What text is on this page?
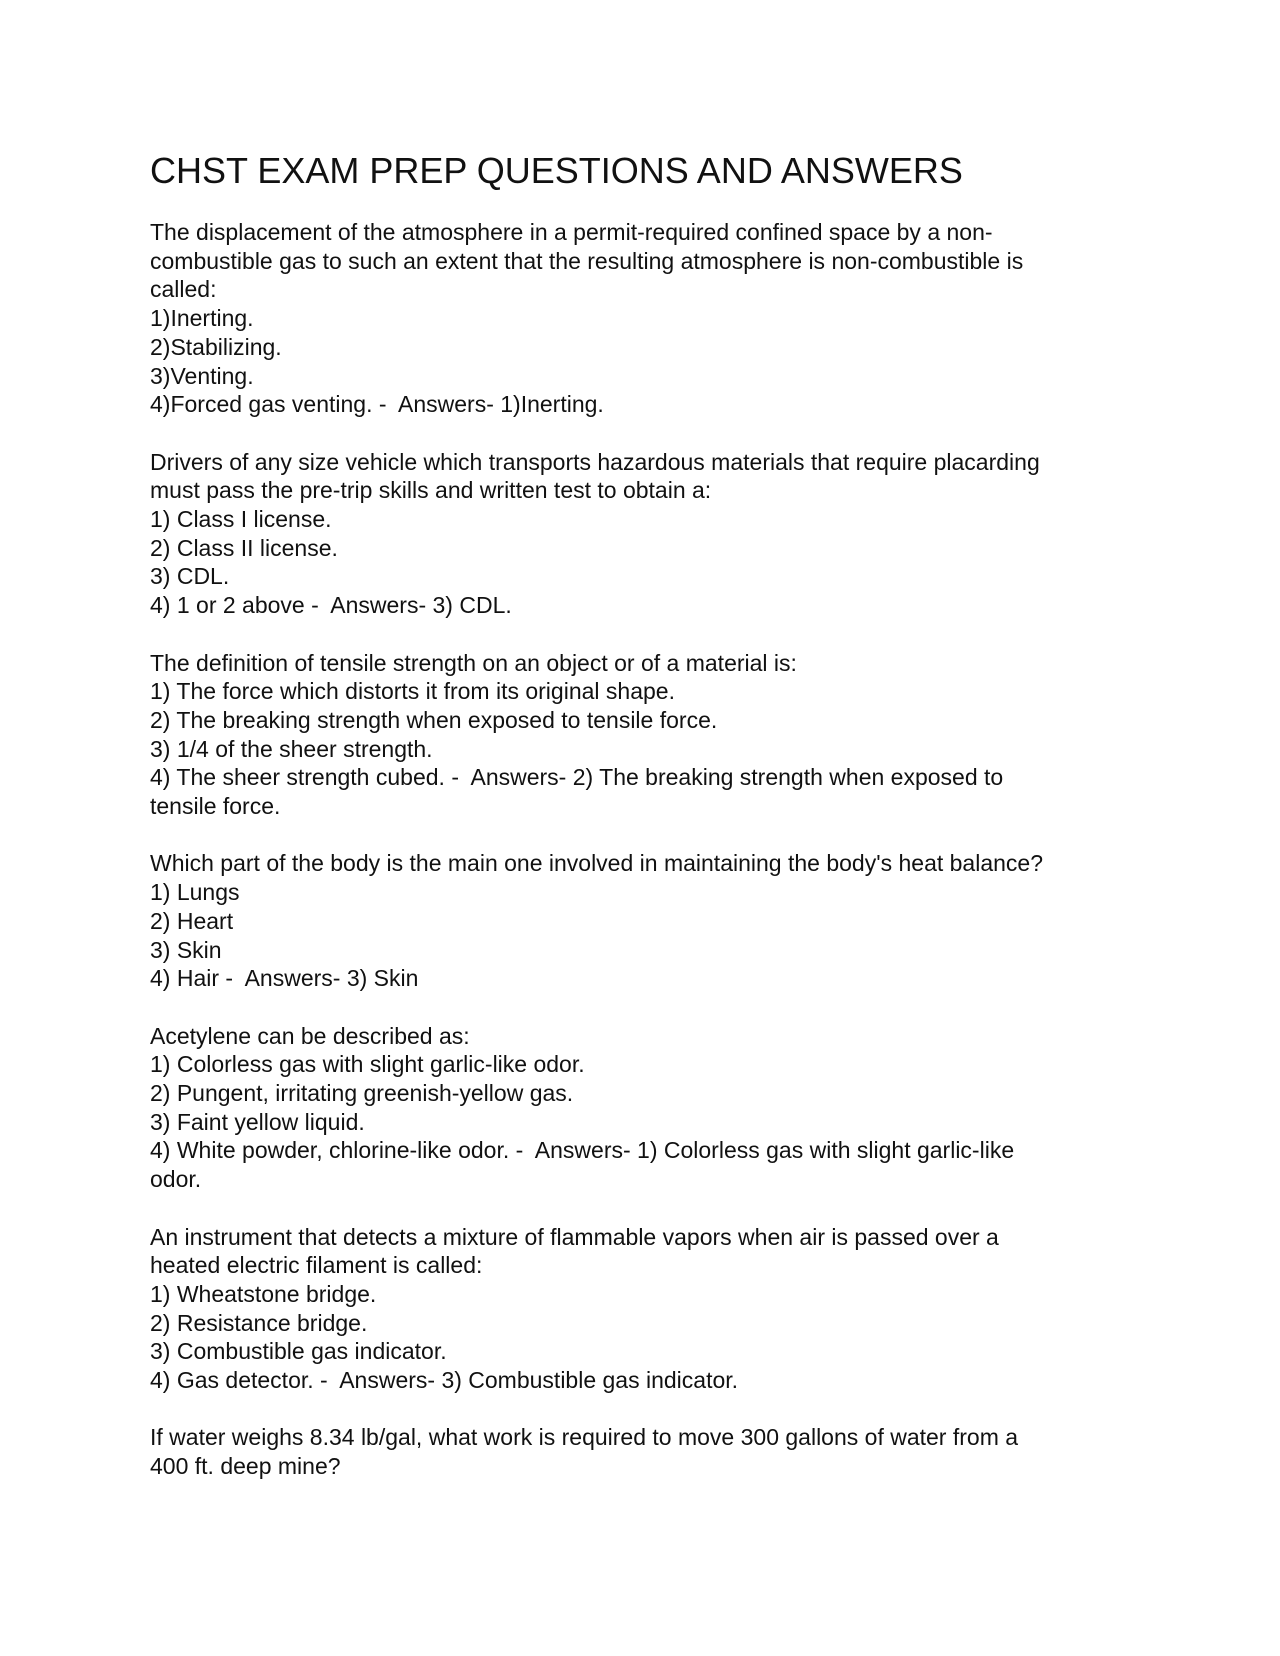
CHST EXAM PREP QUESTIONS AND ANSWERS

The displacement of the atmosphere in a permit-required confined space by a non-
combustible gas to such an extent that the resulting atmosphere is non-combustible is
called:
1)Inerting.
2)Stabilizing.
3)Venting.
4)Forced gas venting. -  Answers- 1)Inerting.

Drivers of any size vehicle which transports hazardous materials that require placarding
must pass the pre-trip skills and written test to obtain a:
1) Class I license.
2) Class II license.
3) CDL.
4) 1 or 2 above -  Answers- 3) CDL.

The definition of tensile strength on an object or of a material is:
1) The force which distorts it from its original shape.
2) The breaking strength when exposed to tensile force.
3) 1/4 of the sheer strength.
4) The sheer strength cubed. -  Answers- 2) The breaking strength when exposed to
tensile force.

Which part of the body is the main one involved in maintaining the body's heat balance?
1) Lungs
2) Heart
3) Skin
4) Hair -  Answers- 3) Skin

Acetylene can be described as:
1) Colorless gas with slight garlic-like odor.
2) Pungent, irritating greenish-yellow gas.
3) Faint yellow liquid.
4) White powder, chlorine-like odor. -  Answers- 1) Colorless gas with slight garlic-like
odor.

An instrument that detects a mixture of flammable vapors when air is passed over a
heated electric filament is called:
1) Wheatstone bridge.
2) Resistance bridge.
3) Combustible gas indicator.
4) Gas detector. -  Answers- 3) Combustible gas indicator.

If water weighs 8.34 lb/gal, what work is required to move 300 gallons of water from a
400 ft. deep mine?
